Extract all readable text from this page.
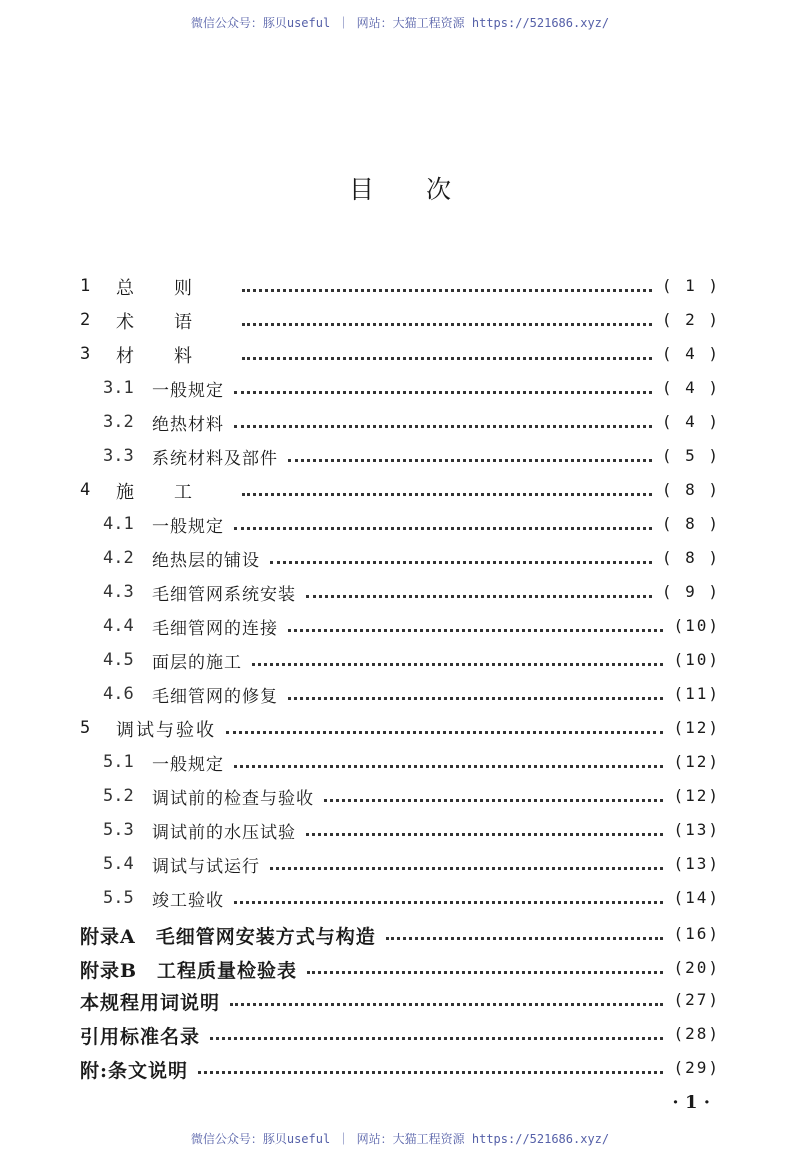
微信公众号：豚贝useful ｜ 网站：大猫工程资源 https://521686.xyz/
目次
1 总则	( 1 )
2 术语	( 2 )
3 材料	( 4 )
3.1 一般规定	( 4 )
3.2 绝热材料	( 4 )
3.3 系统材料及部件	( 5 )
4 施工	( 8 )
4.1 一般规定	( 8 )
4.2 绝热层的铺设	( 8 )
4.3 毛细管网系统安装	( 9 )
4.4 毛细管网的连接	(10)
4.5 面层的施工	(10)
4.6 毛细管网的修复	(11)
5 调试与验收	(12)
5.1 一般规定	(12)
5.2 调试前的检查与验收	(12)
5.3 调试前的水压试验	(13)
5.4 调试与试运行	(13)
5.5 竣工验收	(14)
附录A　毛细管网安装方式与构造	(16)
附录B　工程质量检验表	(20)
本规程用词说明	(27)
引用标准名录	(28)
附:条文说明	(29)
· 1 ·
微信公众号：豚贝useful ｜ 网站：大猫工程资源 https://521686.xyz/
